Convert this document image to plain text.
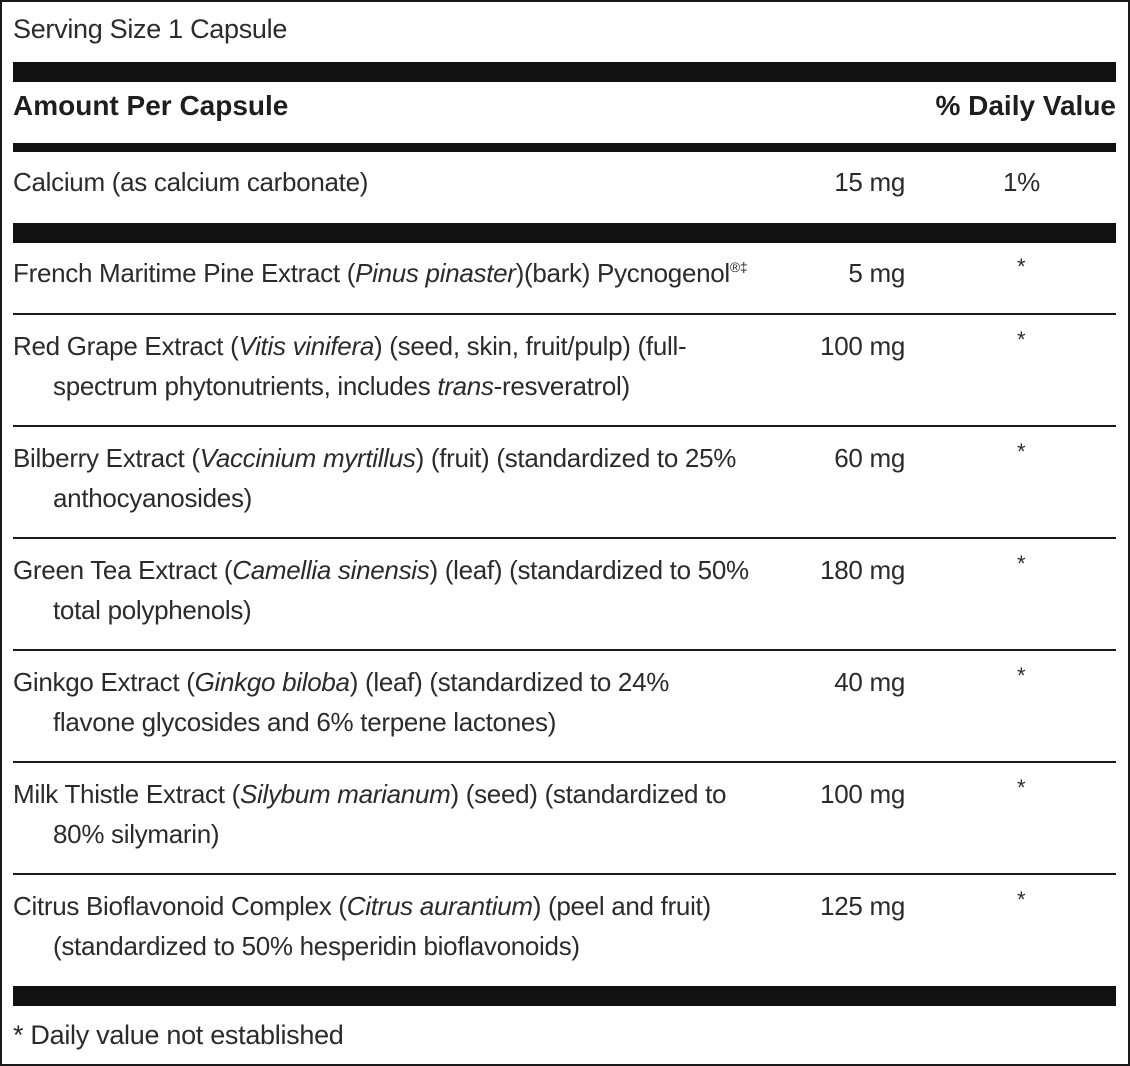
Serving Size 1 Capsule
Amount Per Capsule	% Daily Value
Calcium (as calcium carbonate)	15 mg	1%
French Maritime Pine Extract (Pinus pinaster)(bark) Pycnogenol®‡	5 mg	*
Red Grape Extract (Vitis vinifera) (seed, skin, fruit/pulp) (full-
spectrum phytonutrients, includes trans-resveratrol)
100 mg	*
Bilberry Extract (Vaccinium myrtillus) (fruit) (standardized to 25%
anthocyanosides)
60 mg	*
Green Tea Extract (Camellia sinensis) (leaf) (standardized to 50%
total polyphenols)
180 mg	*
Ginkgo Extract (Ginkgo biloba) (leaf) (standardized to 24%
flavone glycosides and 6% terpene lactones)
40 mg	*
Milk Thistle Extract (Silybum marianum) (seed) (standardized to
80% silymarin)
100 mg	*
Citrus Bioflavonoid Complex (Citrus aurantium) (peel and fruit)
(standardized to 50% hesperidin bioflavonoids)
125 mg	*
* Daily value not established
